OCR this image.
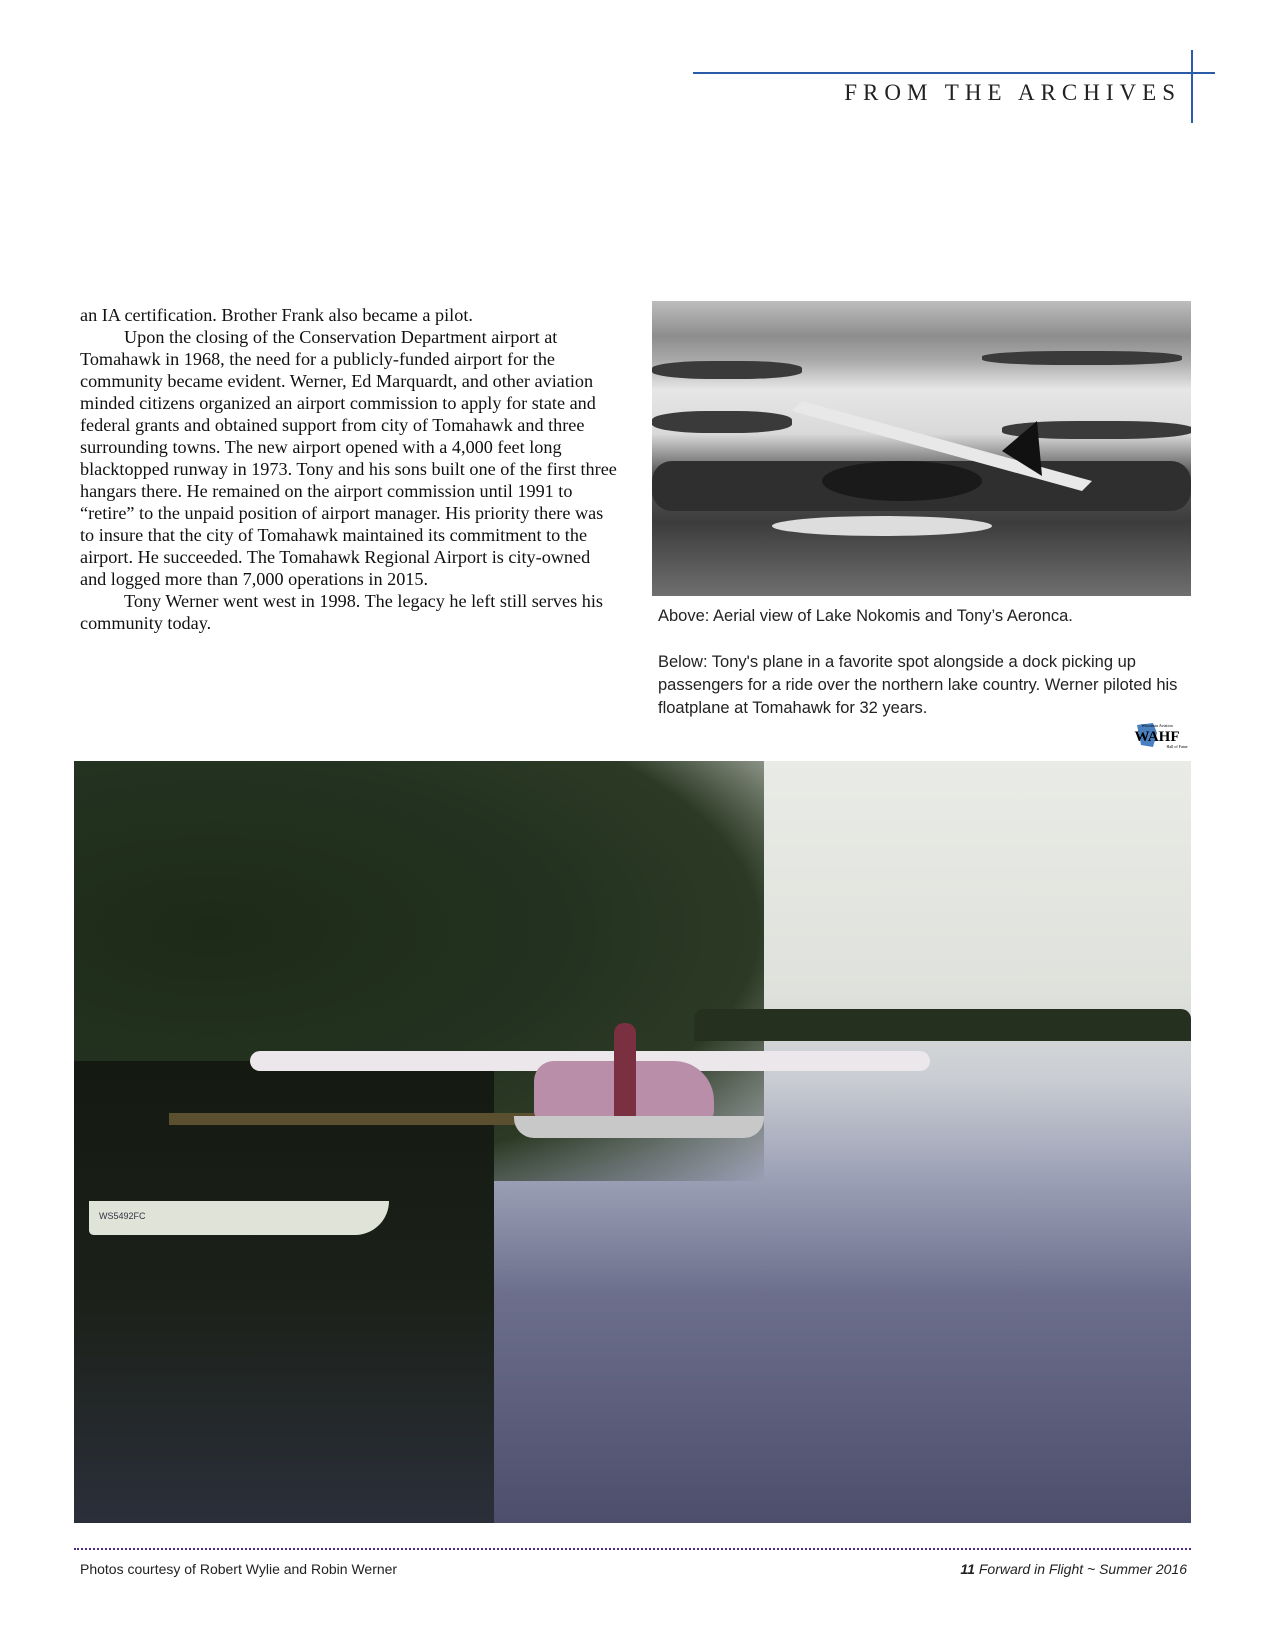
FROM THE ARCHIVES

an IA certification. Brother Frank also became a pilot.

Upon the closing of the Conservation Department airport at Tomahawk in 1968, the need for a publicly-funded airport for the community became evident. Werner, Ed Marquardt, and other aviation minded citizens organized an airport commission to apply for state and federal grants and obtained support from city of Tomahawk and three surrounding towns. The new airport opened with a 4,000 feet long blacktopped runway in 1973. Tony and his sons built one of the first three hangars there. He remained on the airport commission until 1991 to “retire” to the unpaid position of airport manager. His priority there was to insure that the city of Tomahawk maintained its commitment to the airport. He succeeded. The Tomahawk Regional Airport is city-owned and logged more than 7,000 operations in 2015.

Tony Werner went west in 1998. The legacy he left still serves his community today.	Above: Aerial view of Lake Nokomis and Tony’s Aeronca.
Below: Tony's plane in a favorite spot alongside a dock picking up passengers for a ride over the northern lake country. Werner piloted his floatplane at Tomahawk for 32 years.
Wisconsin Aviation
WAHF
Hall of Fame
WS5492FC
Photos courtesy of Robert Wylie and Robin Werner	11 Forward in Flight ~ Summer 2016
